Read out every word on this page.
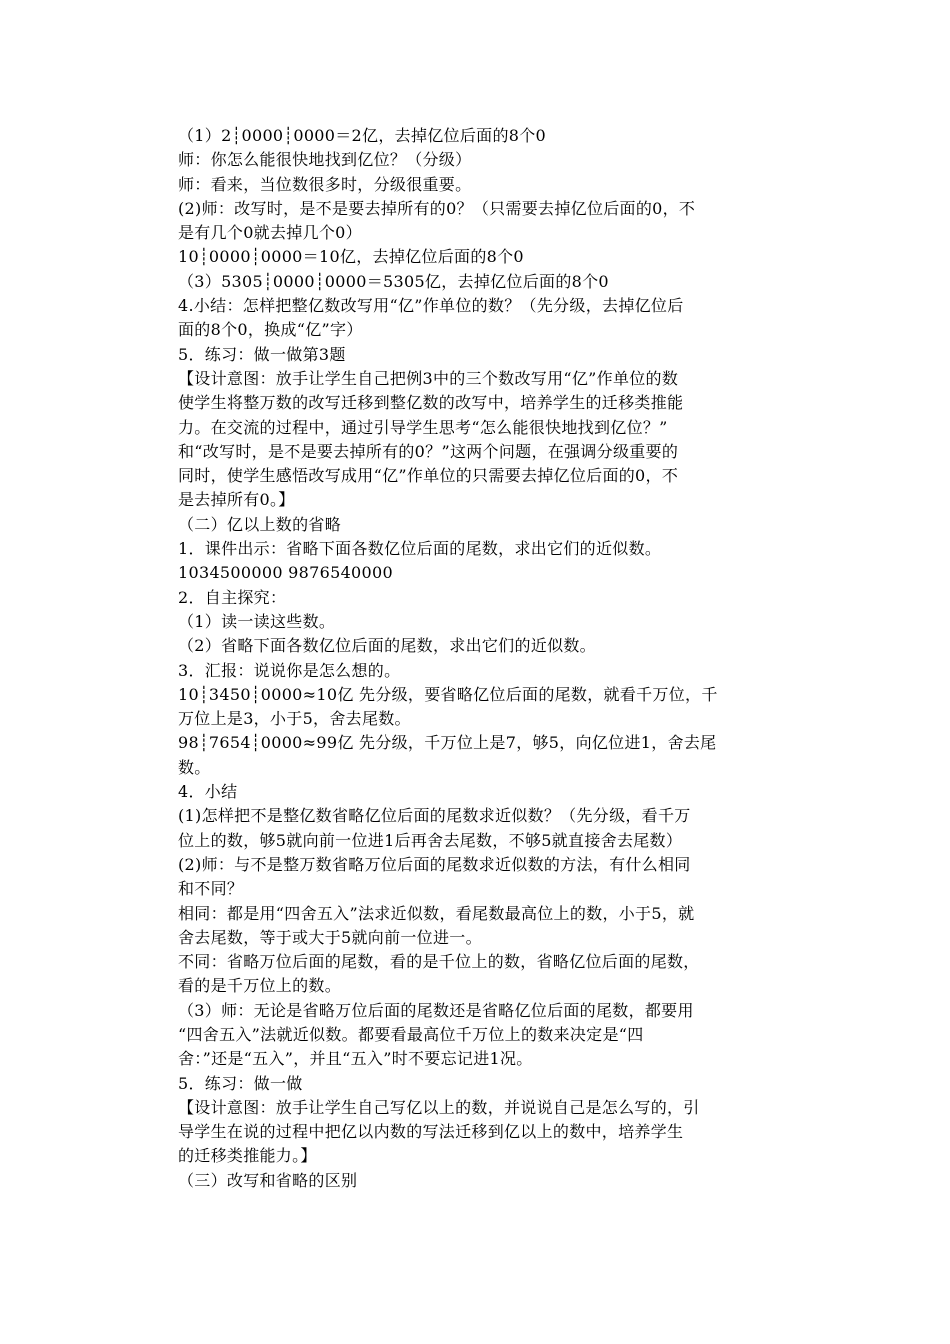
（1）2┊0000┊0000＝2亿，去掉亿位后面的8个0
师：你怎么能很快地找到亿位？（分级）
师：看来，当位数很多时，分级很重要。
(2)师：改写时，是不是要去掉所有的0？（只需要去掉亿位后面的0，不
是有几个0就去掉几个0）
10┊0000┊0000＝10亿，去掉亿位后面的8个0
（3）5305┊0000┊0000＝5305亿，去掉亿位后面的8个0
4.小结：怎样把整亿数改写用“亿”作单位的数？（先分级，去掉亿位后
面的8个0，换成“亿”字）
5．练习：做一做第3题
【设计意图：放手让学生自己把例3中的三个数改写用“亿”作单位的数
使学生将整万数的改写迁移到整亿数的改写中，培养学生的迁移类推能
力。在交流的过程中，通过引导学生思考“怎么能很快地找到亿位？”
和“改写时，是不是要去掉所有的0？”这两个问题，在强调分级重要的
同时，使学生感悟改写成用“亿”作单位的只需要去掉亿位后面的0，不
是去掉所有0。】
（二）亿以上数的省略
1．课件出示：省略下面各数亿位后面的尾数，求出它们的近似数。
1034500000 9876540000
2．自主探究：
（1）读一读这些数。
（2）省略下面各数亿位后面的尾数，求出它们的近似数。
3．汇报：说说你是怎么想的。
10┊3450┊0000≈10亿 先分级，要省略亿位后面的尾数，就看千万位，千
万位上是3，小于5，舍去尾数。
98┊7654┊0000≈99亿 先分级，千万位上是7，够5，向亿位进1，舍去尾
数。
4．小结
(1)怎样把不是整亿数省略亿位后面的尾数求近似数？（先分级，看千万
位上的数，够5就向前一位进1后再舍去尾数，不够5就直接舍去尾数）
(2)师：与不是整万数省略万位后面的尾数求近似数的方法，有什么相同
和不同？
相同：都是用“四舍五入”法求近似数，看尾数最高位上的数，小于5，就
舍去尾数，等于或大于5就向前一位进一。
不同：省略万位后面的尾数，看的是千位上的数，省略亿位后面的尾数，
看的是千万位上的数。
（3）师：无论是省略万位后面的尾数还是省略亿位后面的尾数，都要用
“四舍五入”法就近似数。都要看最高位千万位上的数来决定是“四
舍：”还是“五入”，并且“五入”时不要忘记进1况。
5．练习：做一做
【设计意图：放手让学生自己写亿以上的数，并说说自己是怎么写的，引
导学生在说的过程中把亿以内数的写法迁移到亿以上的数中，培养学生
的迁移类推能力。】
（三）改写和省略的区别
